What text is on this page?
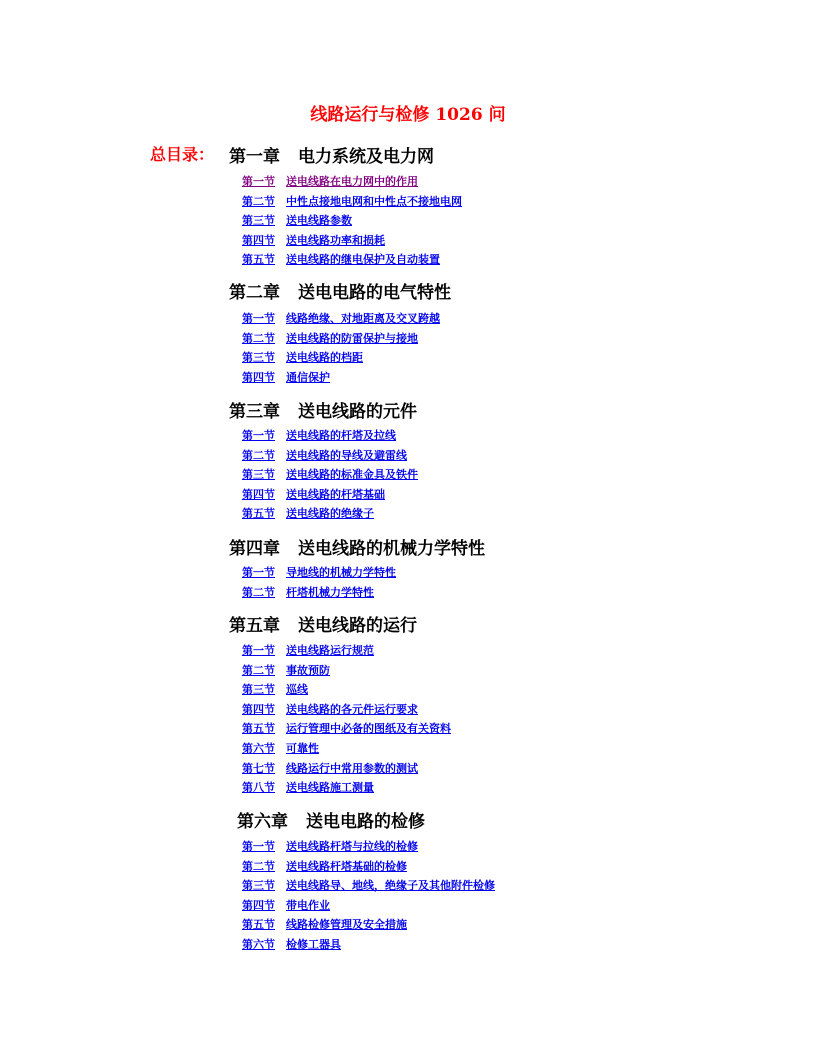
线路运行与检修 1026 问
总目录： 第一章 电力系统及电力网
第一节 送电线路在电力网中的作用
第二节 中性点接地电网和中性点不接地电网
第三节 送电线路参数
第四节 送电线路功率和损耗
第五节 送电线路的继电保护及自动装置
第二章 送电电路的电气特性
第一节 线路绝缘、对地距离及交叉跨越
第二节 送电线路的防雷保护与接地
第三节 送电线路的档距
第四节 通信保护
第三章 送电线路的元件
第一节 送电线路的杆塔及拉线
第二节 送电线路的导线及避雷线
第三节 送电线路的标准金具及铁件
第四节 送电线路的杆塔基础
第五节 送电线路的绝缘子
第四章 送电线路的机械力学特性
第一节 导地线的机械力学特性
第二节 杆塔机械力学特性
第五章 送电线路的运行
第一节 送电线路运行规范
第二节 事故预防
第三节 巡线
第四节 送电线路的各元件运行要求
第五节 运行管理中必备的图纸及有关资料
第六节 可靠性
第七节 线路运行中常用参数的测试
第八节 送电线路施工测量
第六章 送电电路的检修
第一节 送电线路杆塔与拉线的检修
第二节 送电线路杆塔基础的检修
第三节 送电线路导、地线，绝缘子及其他附件检修
第四节 带电作业
第五节 线路检修管理及安全措施
第六节 检修工器具
